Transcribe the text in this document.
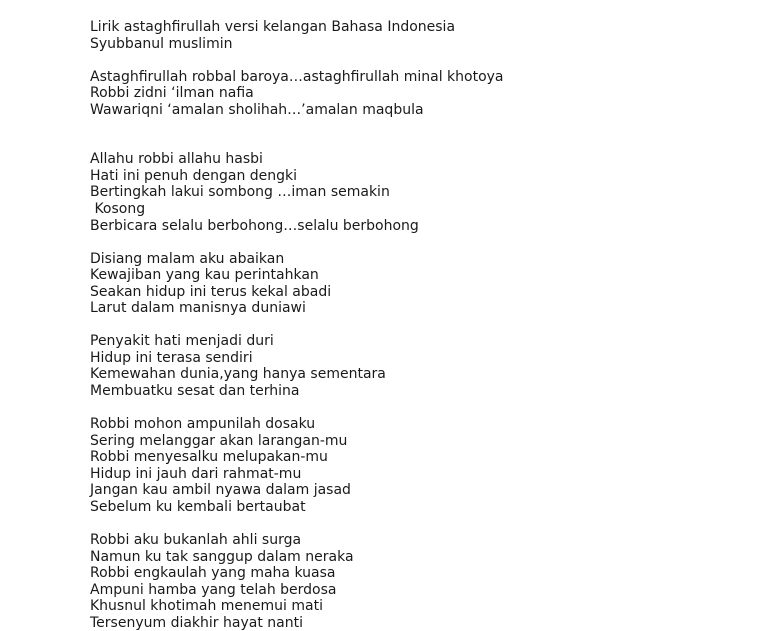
Lirik astaghfirullah versi kelangan Bahasa Indonesia
Syubbanul muslimin
Astaghfirullah robbal baroya…astaghfirullah minal khotoya
Robbi zidni ‘ilman nafia
Wawariqni ‘amalan sholihah…’amalan maqbula
Allahu robbi allahu hasbi
Hati ini penuh dengan dengki
Bertingkah lakui sombong …iman semakin
Kosong
Berbicara selalu berbohong…selalu berbohong
Disiang malam aku abaikan
Kewajiban yang kau perintahkan
Seakan hidup ini terus kekal abadi
Larut dalam manisnya duniawi
Penyakit hati menjadi duri
Hidup ini terasa sendiri
Kemewahan dunia,yang hanya sementara
Membuatku sesat dan terhina
Robbi mohon ampunilah dosaku
Sering melanggar akan larangan-mu
Robbi menyesalku melupakan-mu
Hidup ini jauh dari rahmat-mu
Jangan kau ambil nyawa dalam jasad
Sebelum ku kembali bertaubat
Robbi aku bukanlah ahli surga
Namun ku tak sanggup dalam neraka
Robbi engkaulah yang maha kuasa
Ampuni hamba yang telah berdosa
Khusnul khotimah menemui mati
Tersenyum diakhir hayat nanti
